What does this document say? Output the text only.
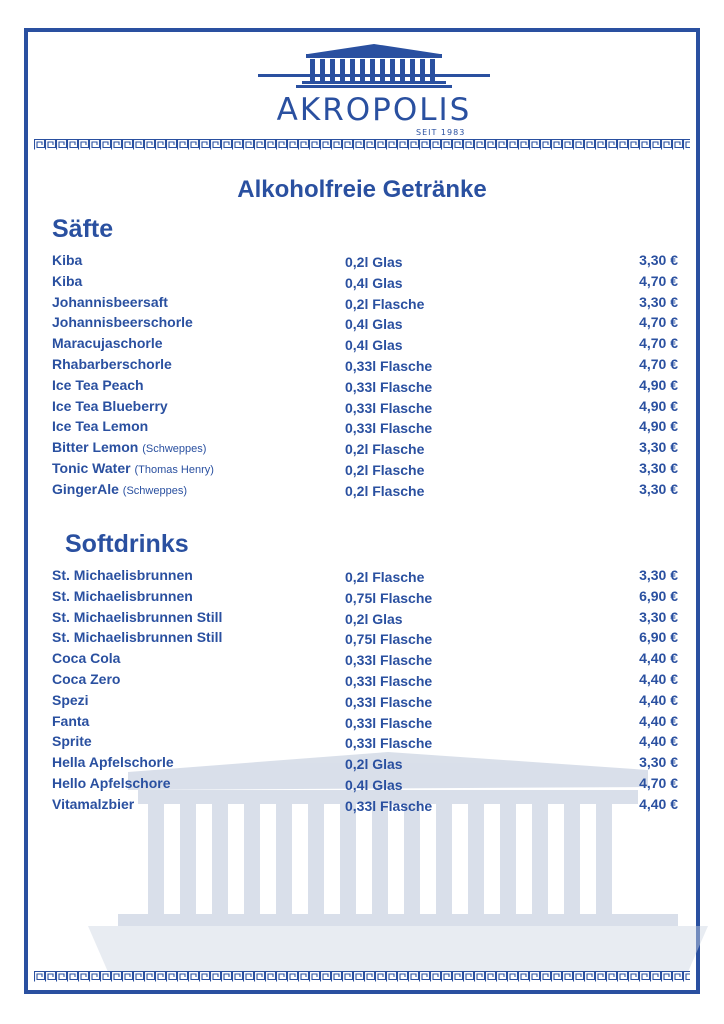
AKROPOLIS
SEIT 1983
Alkoholfreie Getränke
Säfte
Kiba	0,2l Glas	3,30 €
Kiba	0,4l Glas	4,70 €
Johannisbeersaft	0,2l Flasche	3,30 €
Johannisbeerschorle	0,4l Glas	4,70 €
Maracujaschorle	0,4l Glas	4,70 €
Rhabarberschorle	0,33l Flasche	4,70 €
Ice Tea Peach	0,33l Flasche	4,90 €
Ice Tea Blueberry	0,33l Flasche	4,90 €
Ice Tea Lemon	0,33l Flasche	4,90 €
Bitter Lemon (Schweppes)	0,2l Flasche	3,30 €
Tonic Water (Thomas Henry)	0,2l Flasche	3,30 €
GingerAle (Schweppes)	0,2l Flasche	3,30 €
Softdrinks
St. Michaelisbrunnen	0,2l Flasche	3,30 €
St. Michaelisbrunnen	0,75l Flasche	6,90 €
St. Michaelisbrunnen Still	0,2l Glas	3,30 €
St. Michaelisbrunnen Still	0,75l Flasche	6,90 €
Coca Cola	0,33l Flasche	4,40 €
Coca Zero	0,33l Flasche	4,40 €
Spezi	0,33l Flasche	4,40 €
Fanta	0,33l Flasche	4,40 €
Sprite	0,33l Flasche	4,40 €
Hella Apfelschorle	0,2l Glas	3,30 €
Hello Apfelschore	0,4l Glas	4,70 €
Vitamalzbier	0,33l Flasche	4,40 €
